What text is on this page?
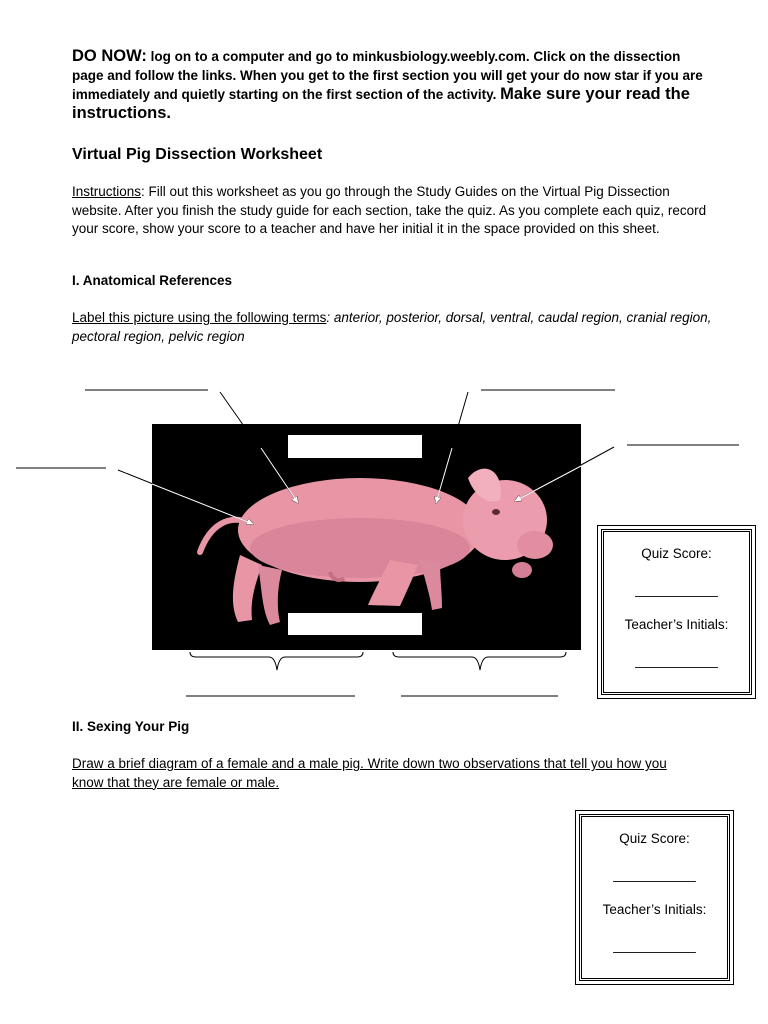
DO NOW: log on to a computer and go to minkusbiology.weebly.com. Click on the dissection page and follow the links. When you get to the first section you will get your do now star if you are immediately and quietly starting on the first section of the activity. Make sure your read the instructions.
Virtual Pig Dissection Worksheet
Instructions: Fill out this worksheet as you go through the Study Guides on the Virtual Pig Dissection website. After you finish the study guide for each section, take the quiz. As you complete each quiz, record your score, show your score to a teacher and have her initial it in the space provided on this sheet.
I. Anatomical References
Label this picture using the following terms: anterior, posterior, dorsal, ventral, caudal region, cranial region, pectoral region, pelvic region
Quiz Score:
___________
Teacher’s Initials:
___________
II. Sexing Your Pig
Draw a brief diagram of a female and a male pig. Write down two observations that tell you how you know that they are female or male.
Quiz Score:
___________
Teacher’s Initials:
___________
